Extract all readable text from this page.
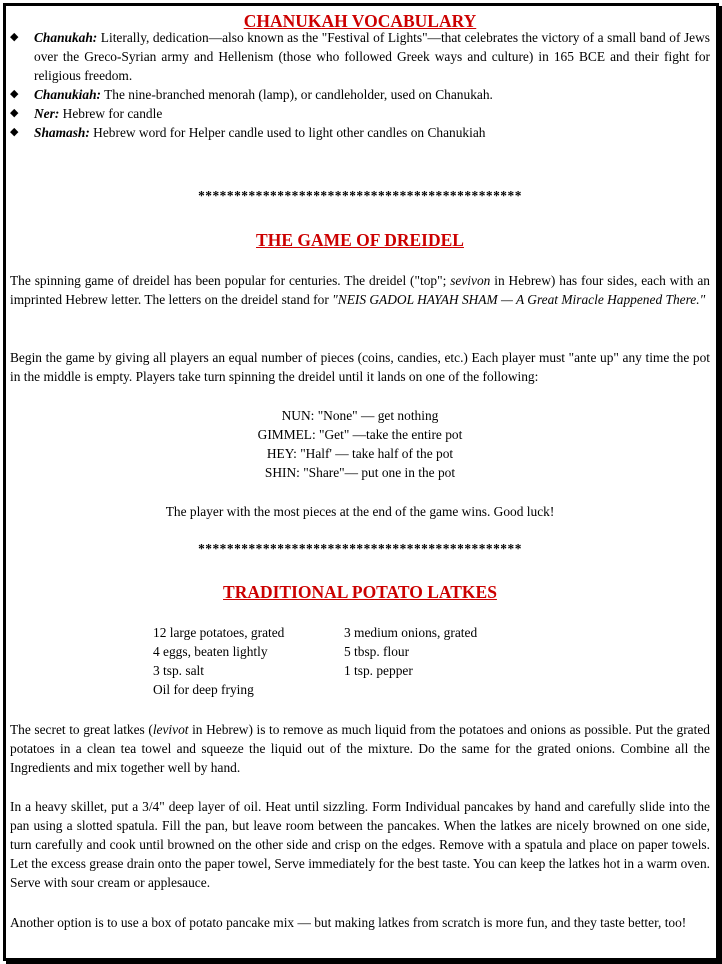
CHANUKAH VOCABULARY
◆ Chanukah: Literally, dedication—also known as the "Festival of Lights"—that celebrates the victory of a small band of Jews over the Greco-Syrian army and Hellenism (those who followed Greek ways and culture) in 165 BCE and their fight for religious freedom.
◆ Chanukiah: The nine-branched menorah (lamp), or candleholder, used on Chanukah.
◆ Ner: Hebrew for candle
◆ Shamash: Hebrew word for Helper candle used to light other candles on Chanukiah
*********************************************
THE GAME OF DREIDEL

The spinning game of dreidel has been popular for centuries. The dreidel ("top"; sevivon in Hebrew) has four sides, each with an imprinted Hebrew letter. The letters on the dreidel stand for "NEIS GADOL HAYAH SHAM — A Great Miracle Happened There."

Begin the game by giving all players an equal number of pieces (coins, candies, etc.) Each player must "ante up" any time the pot in the middle is empty. Players take turn spinning the dreidel until it lands on one of the following:

NUN: "None" — get nothing
GIMMEL: "Get" —take the entire pot
HEY: "Half' — take half of the pot
SHIN: "Share"— put one in the pot

The player with the most pieces at the end of the game wins. Good luck!

*********************************************
TRADITIONAL POTATO LATKES
12 large potatoes, grated
4 eggs, beaten lightly
3 tsp. salt
Oil for deep frying
3 medium onions, grated
5 tbsp. flour
1 tsp. pepper

The secret to great latkes (levivot in Hebrew) is to remove as much liquid from the potatoes and onions as possible. Put the grated potatoes in a clean tea towel and squeeze the liquid out of the mixture. Do the same for the grated onions. Combine all the Ingredients and mix together well by hand.

In a heavy skillet, put a 3/4" deep layer of oil. Heat until sizzling. Form Individual pancakes by hand and carefully slide into the pan using a slotted spatula. Fill the pan, but leave room between the pancakes. When the latkes are nicely browned on one side, turn carefully and cook until browned on the other side and crisp on the edges. Remove with a spatula and place on paper towels. Let the excess grease drain onto the paper towel, Serve immediately for the best taste. You can keep the latkes hot in a warm oven. Serve with sour cream or applesauce.

Another option is to use a box of potato pancake mix — but making latkes from scratch is more fun, and they taste better, too!
